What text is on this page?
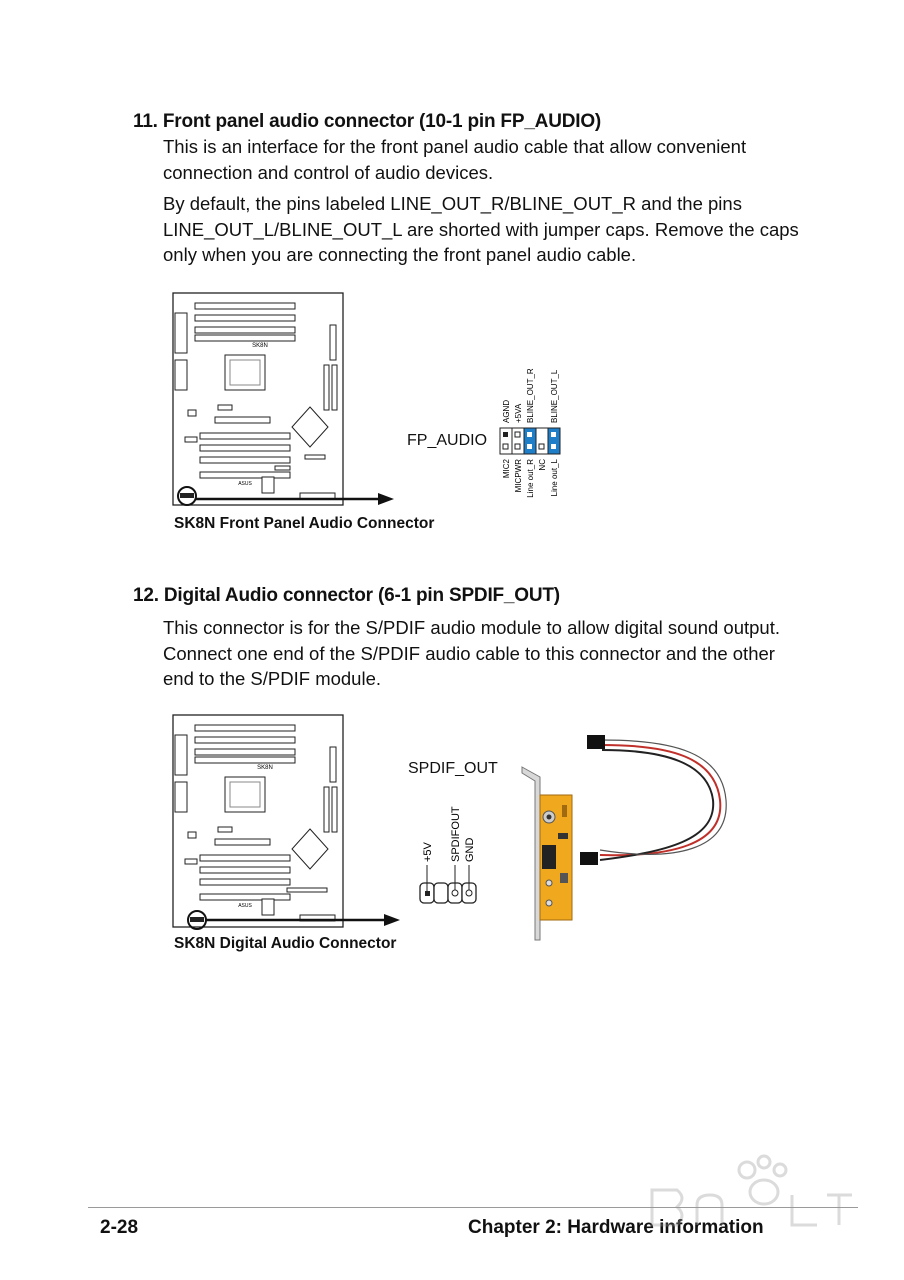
11. Front panel audio connector (10-1 pin FP_AUDIO)

This is an interface for the front panel audio cable that allow convenient connection and control of audio devices.

By default, the pins labeled LINE_OUT_R/BLINE_OUT_R and the pins LINE_OUT_L/BLINE_OUT_L are shorted with jumper caps. Remove the caps only when you are connecting the front panel audio cable.

SK8N
ASUS
AGND +5VA BLINE_OUT_R BLINE_OUT_L
MIC2 MICPWR Line out_R NC Line out_L
FP_AUDIO
SK8N Front Panel Audio Connector
12. Digital Audio connector (6-1 pin SPDIF_OUT)

This connector is for the S/PDIF audio module to allow digital sound output. Connect one end of the S/PDIF audio cable to this connector and the other end to the S/PDIF module.

SK8N
ASUS
+5V SPDIFOUT GND
SPDIF_OUT
SK8N Digital Audio Connector
2-28	Chapter 2: Hardware information
